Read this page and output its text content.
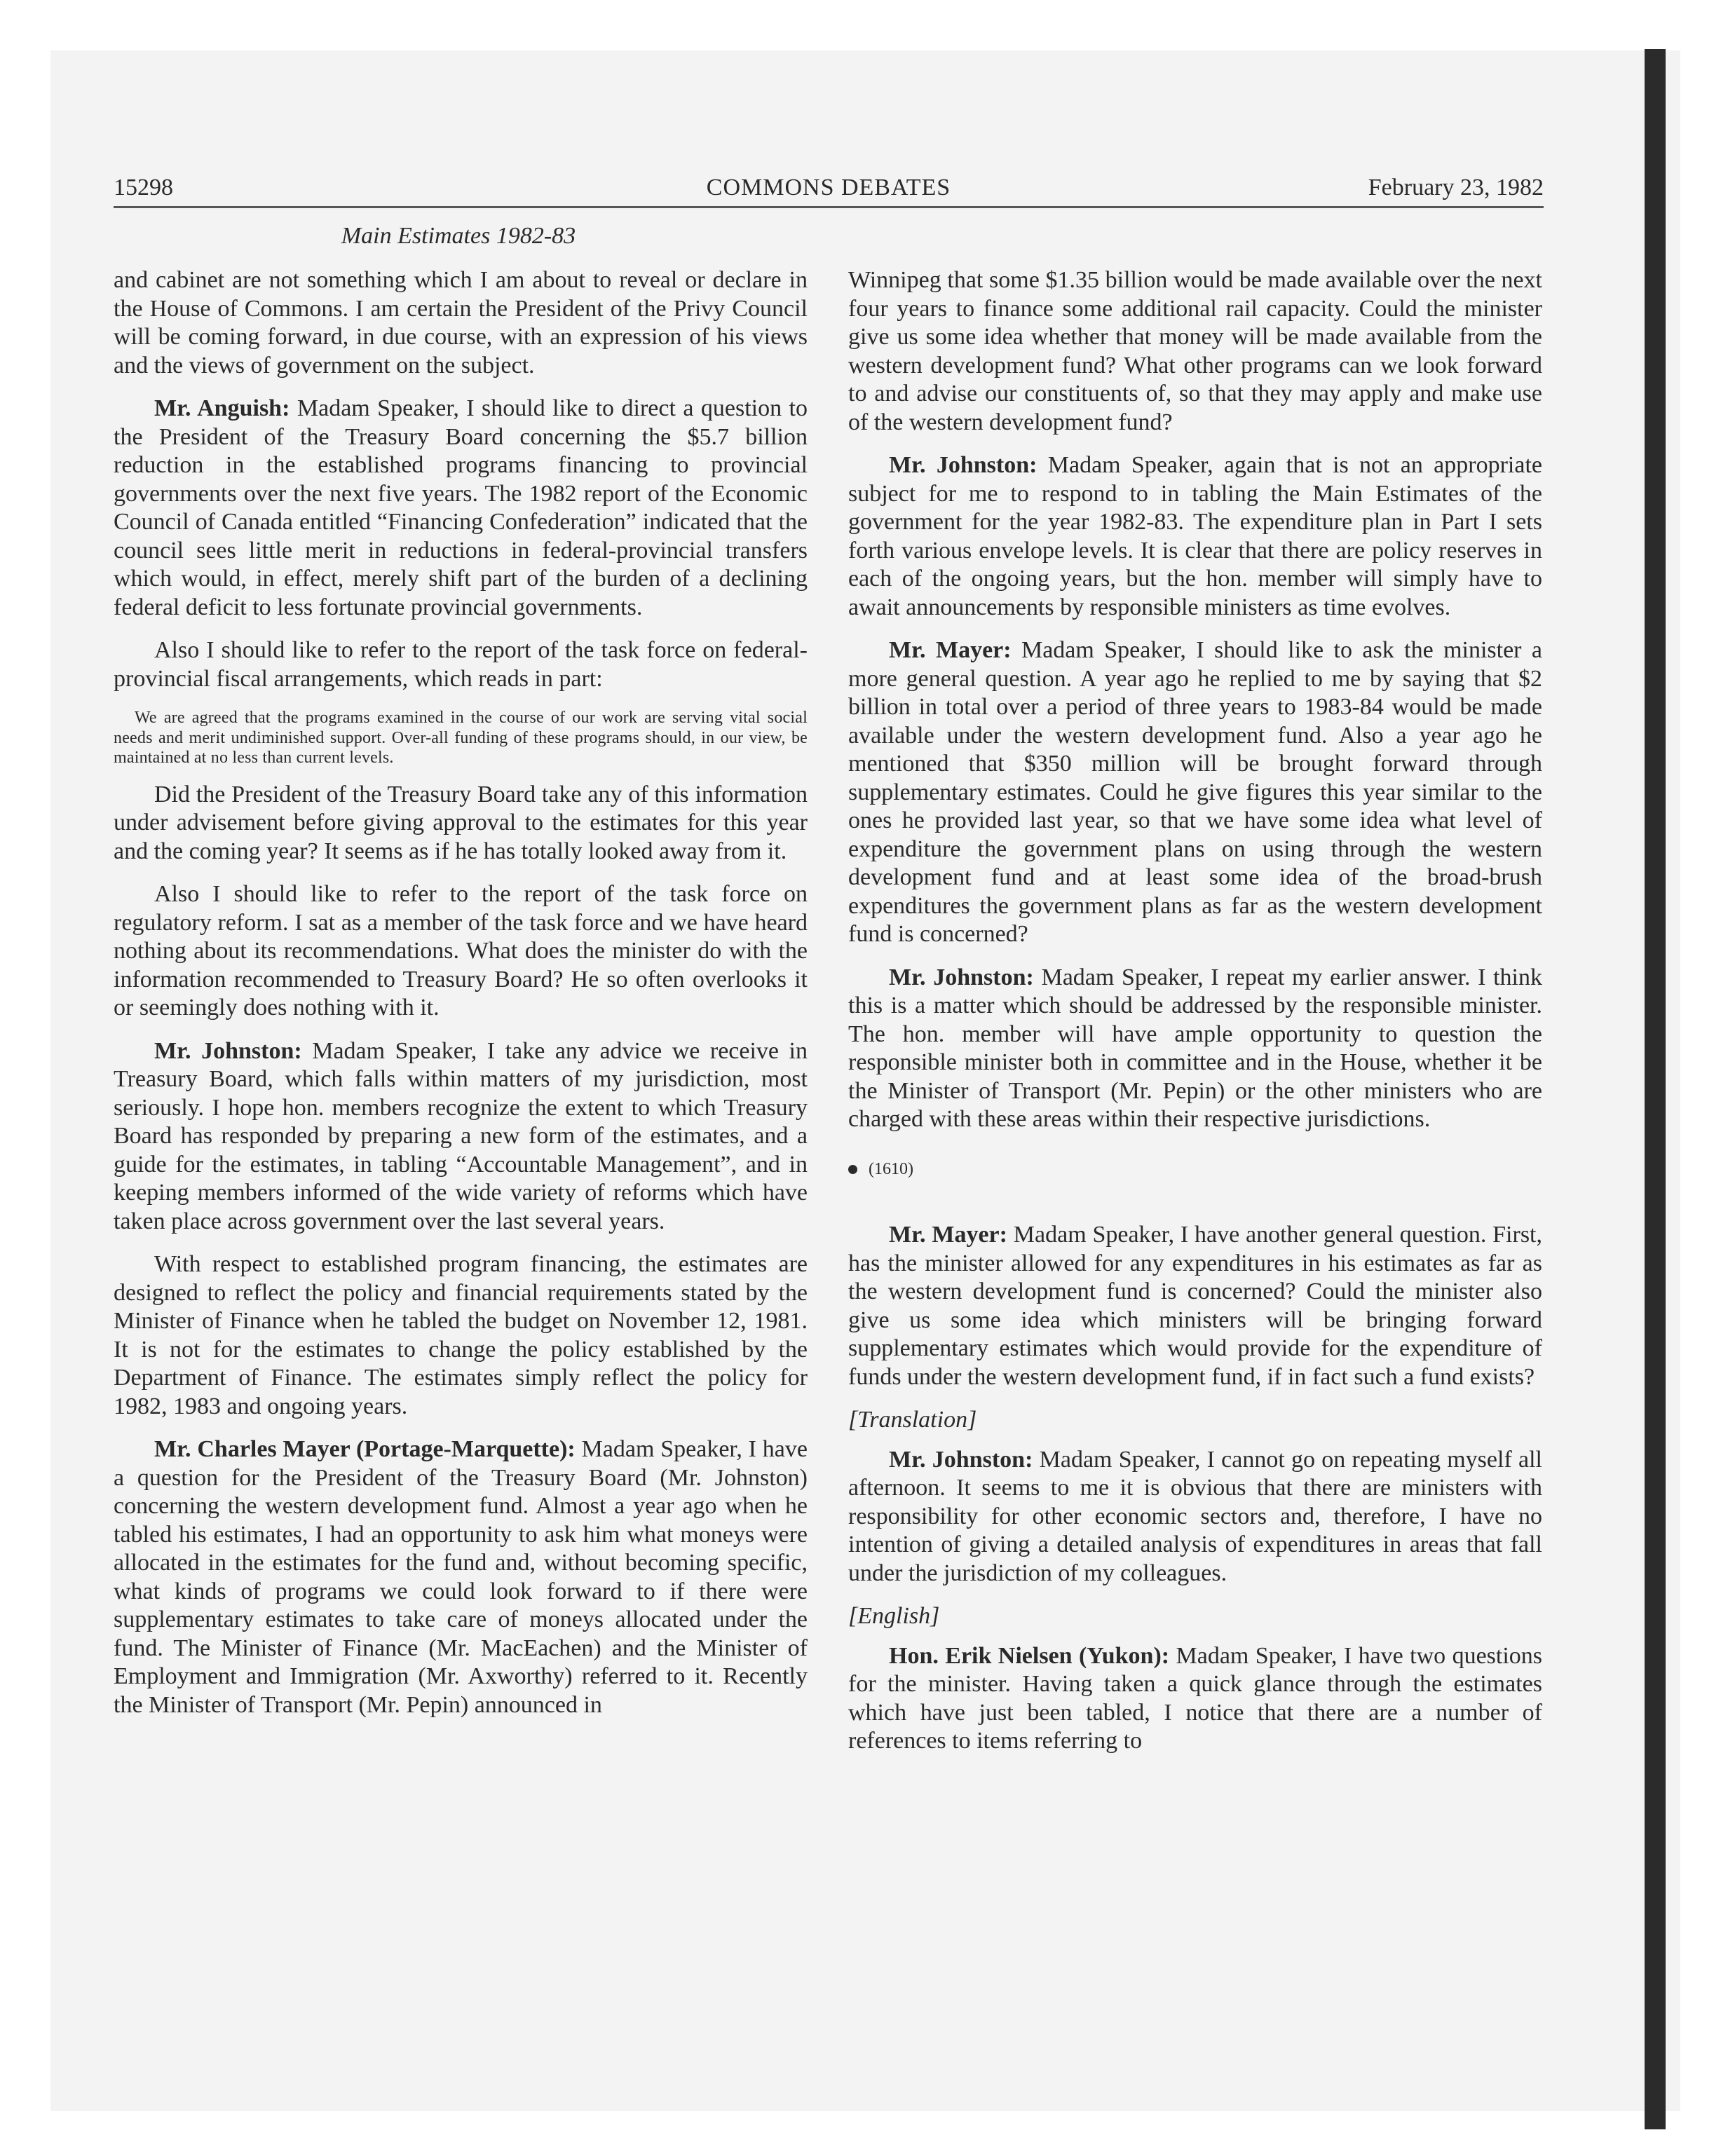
15298	COMMONS DEBATES	February 23, 1982
Main Estimates 1982-83

and cabinet are not something which I am about to reveal or declare in the House of Commons. I am certain the President of the Privy Council will be coming forward, in due course, with an expression of his views and the views of government on the subject.

Mr. Anguish: Madam Speaker, I should like to direct a question to the President of the Treasury Board concerning the $5.7 billion reduction in the established programs financing to provincial governments over the next five years. The 1982 report of the Economic Council of Canada entitled “Financing Confederation” indicated that the council sees little merit in reductions in federal-provincial transfers which would, in effect, merely shift part of the burden of a declining federal deficit to less fortunate provincial governments.

Also I should like to refer to the report of the task force on federal-provincial fiscal arrangements, which reads in part:

We are agreed that the programs examined in the course of our work are serving vital social needs and merit undiminished support. Over-all funding of these programs should, in our view, be maintained at no less than current levels.

Did the President of the Treasury Board take any of this information under advisement before giving approval to the estimates for this year and the coming year? It seems as if he has totally looked away from it.

Also I should like to refer to the report of the task force on regulatory reform. I sat as a member of the task force and we have heard nothing about its recommendations. What does the minister do with the information recommended to Treasury Board? He so often overlooks it or seemingly does nothing with it.

Mr. Johnston: Madam Speaker, I take any advice we receive in Treasury Board, which falls within matters of my jurisdiction, most seriously. I hope hon. members recognize the extent to which Treasury Board has responded by preparing a new form of the estimates, and a guide for the estimates, in tabling “Accountable Management”, and in keeping members informed of the wide variety of reforms which have taken place across government over the last several years.

With respect to established program financing, the estimates are designed to reflect the policy and financial requirements stated by the Minister of Finance when he tabled the budget on November 12, 1981. It is not for the estimates to change the policy established by the Department of Finance. The estimates simply reflect the policy for 1982, 1983 and ongoing years.

Mr. Charles Mayer (Portage-Marquette): Madam Speaker, I have a question for the President of the Treasury Board (Mr. Johnston) concerning the western development fund. Almost a year ago when he tabled his estimates, I had an opportunity to ask him what moneys were allocated in the estimates for the fund and, without becoming specific, what kinds of programs we could look forward to if there were supplementary estimates to take care of moneys allocated under the fund. The Minister of Finance (Mr. MacEachen) and the Minister of Employment and Immigration (Mr. Axworthy) referred to it. Recently the Minister of Transport (Mr. Pepin) announced in

Winnipeg that some $1.35 billion would be made available over the next four years to finance some additional rail capacity. Could the minister give us some idea whether that money will be made available from the western development fund? What other programs can we look forward to and advise our constituents of, so that they may apply and make use of the western development fund?

Mr. Johnston: Madam Speaker, again that is not an appropriate subject for me to respond to in tabling the Main Estimates of the government for the year 1982-83. The expenditure plan in Part I sets forth various envelope levels. It is clear that there are policy reserves in each of the ongoing years, but the hon. member will simply have to await announcements by responsible ministers as time evolves.

Mr. Mayer: Madam Speaker, I should like to ask the minister a more general question. A year ago he replied to me by saying that $2 billion in total over a period of three years to 1983-84 would be made available under the western development fund. Also a year ago he mentioned that $350 million will be brought forward through supplementary estimates. Could he give figures this year similar to the ones he provided last year, so that we have some idea what level of expenditure the government plans on using through the western development fund and at least some idea of the broad-brush expenditures the government plans as far as the western development fund is concerned?

Mr. Johnston: Madam Speaker, I repeat my earlier answer. I think this is a matter which should be addressed by the responsible minister. The hon. member will have ample opportunity to question the responsible minister both in committee and in the House, whether it be the Minister of Transport (Mr. Pepin) or the other ministers who are charged with these areas within their respective jurisdictions.

(1610)

Mr. Mayer: Madam Speaker, I have another general question. First, has the minister allowed for any expenditures in his estimates as far as the western development fund is concerned? Could the minister also give us some idea which ministers will be bringing forward supplementary estimates which would provide for the expenditure of funds under the western development fund, if in fact such a fund exists?

[Translation]

Mr. Johnston: Madam Speaker, I cannot go on repeating myself all afternoon. It seems to me it is obvious that there are ministers with responsibility for other economic sectors and, therefore, I have no intention of giving a detailed analysis of expenditures in areas that fall under the jurisdiction of my colleagues.

[English]

Hon. Erik Nielsen (Yukon): Madam Speaker, I have two questions for the minister. Having taken a quick glance through the estimates which have just been tabled, I notice that there are a number of references to items referring to
